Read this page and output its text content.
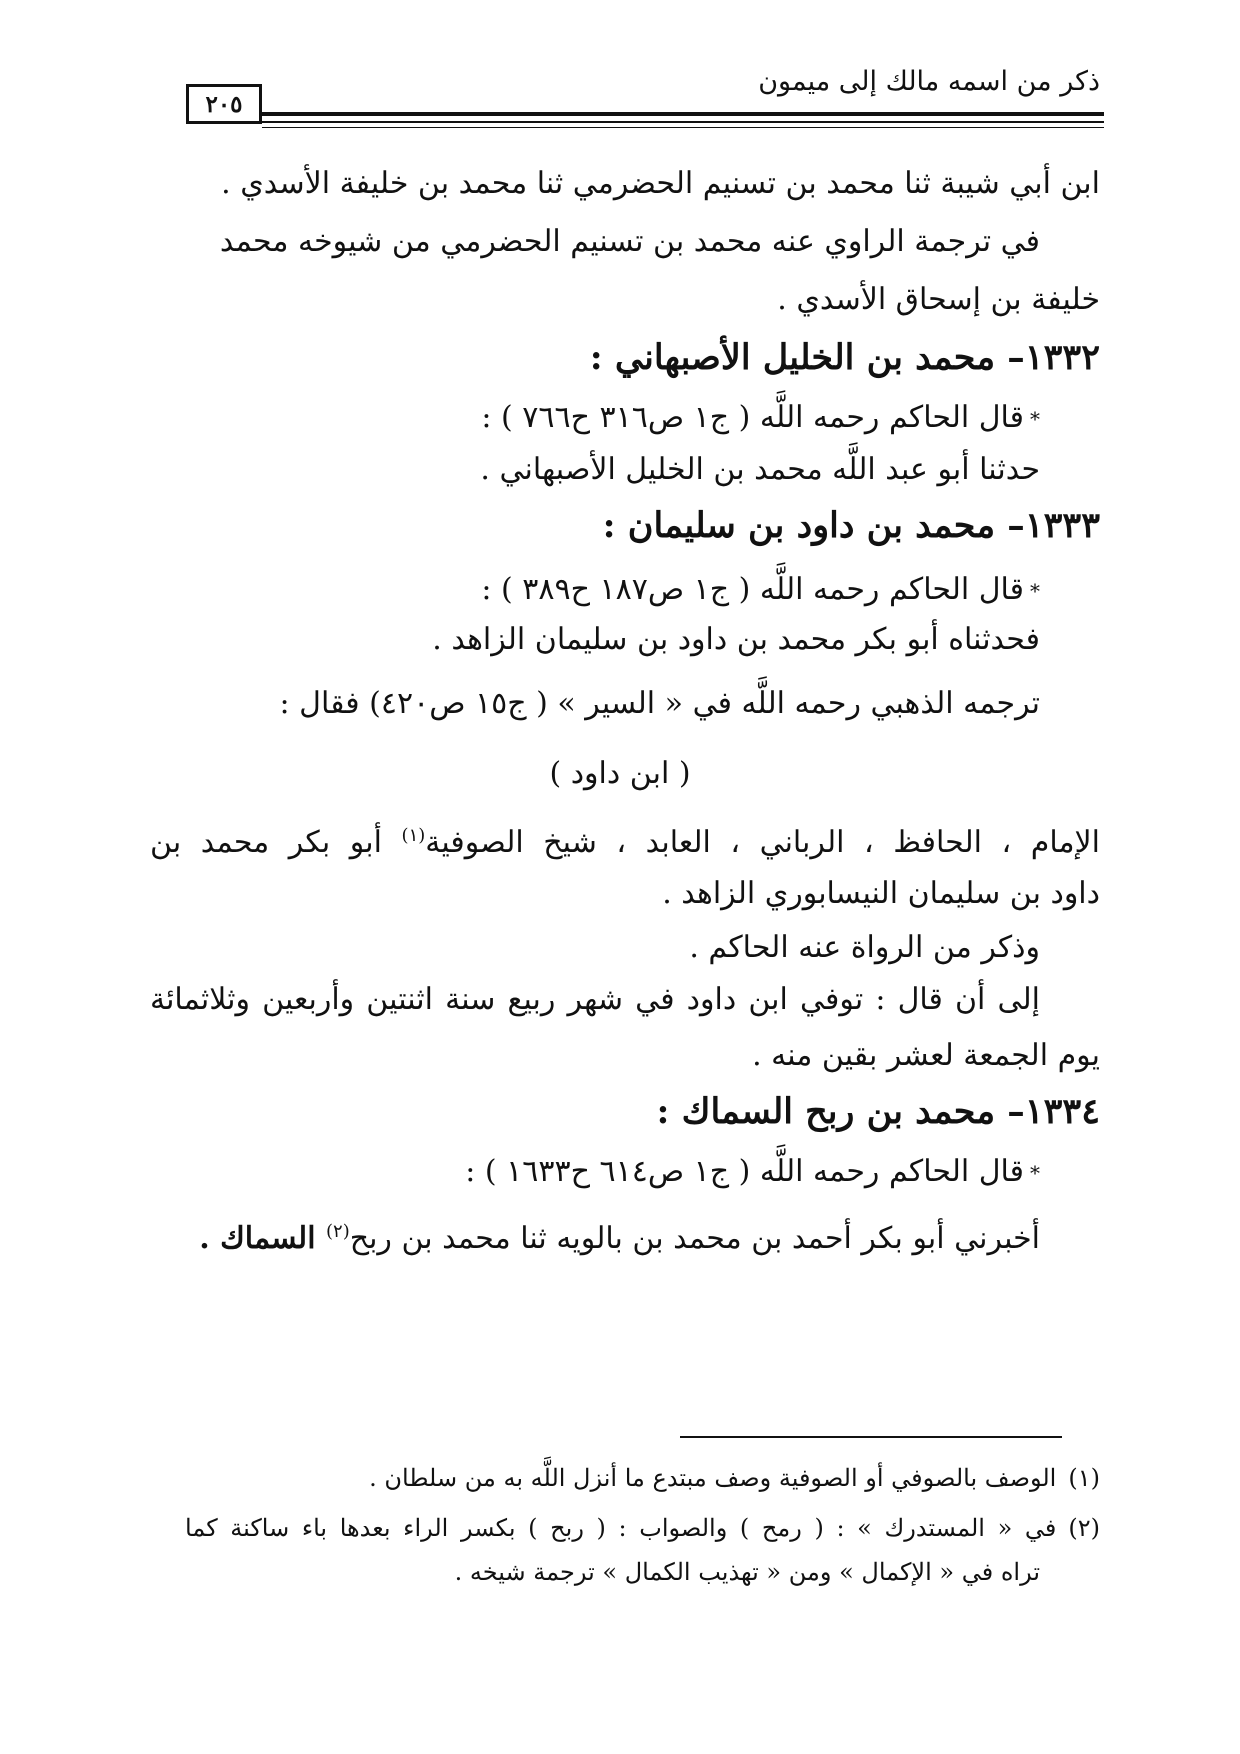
ذكر من اسمه مالك إلى ميمون
٢٠٥
ابن أبي شيبة ثنا محمد بن تسنيم الحضرمي ثنا محمد بن خليفة الأسدي .
في ترجمة الراوي عنه محمد بن تسنيم الحضرمي من شيوخه محمد
خليفة بن إسحاق الأسدي .
١٣٣٢– محمد بن الخليل الأصبهاني :
*قال الحاكم رحمه اللَّه ( ج١ ص٣١٦ ح٧٦٦ ) :
حدثنا أبو عبد اللَّه محمد بن الخليل الأصبهاني .
١٣٣٣– محمد بن داود بن سليمان :
*قال الحاكم رحمه اللَّه ( ج١ ص١٨٧ ح٣٨٩ ) :
فحدثناه أبو بكر محمد بن داود بن سليمان الزاهد .
ترجمه الذهبي رحمه اللَّه في « السير » ( ج١٥ ص٤٢٠) فقال :
( ابن داود )
الإمام ، الحافظ ، الرباني ، العابد ، شيخ الصوفية$^{(١)}$ أبو بكر محمد بن
داود بن سليمان النيسابوري الزاهد .
وذكر من الرواة عنه الحاكم .
إلى أن قال : توفي ابن داود في شهر ربيع سنة اثنتين وأربعين وثلاثمائة
يوم الجمعة لعشر بقين منه .
١٣٣٤– محمد بن ربح السماك :
*قال الحاكم رحمه اللَّه ( ج١ ص٦١٤ ح١٦٣٣ ) :
أخبرني أبو بكر أحمد بن محمد بن بالويه ثنا محمد بن ربح$^{(٢)}$ السماك .
(١)الوصف بالصوفي أو الصوفية وصف مبتدع ما أنزل اللَّه به من سلطان .
(٢)في « المستدرك » : ( رمح ) والصواب : ( ربح ) بكسر الراء بعدها باء ساكنة كما
تراه في « الإكمال » ومن « تهذيب الكمال » ترجمة شيخه .
